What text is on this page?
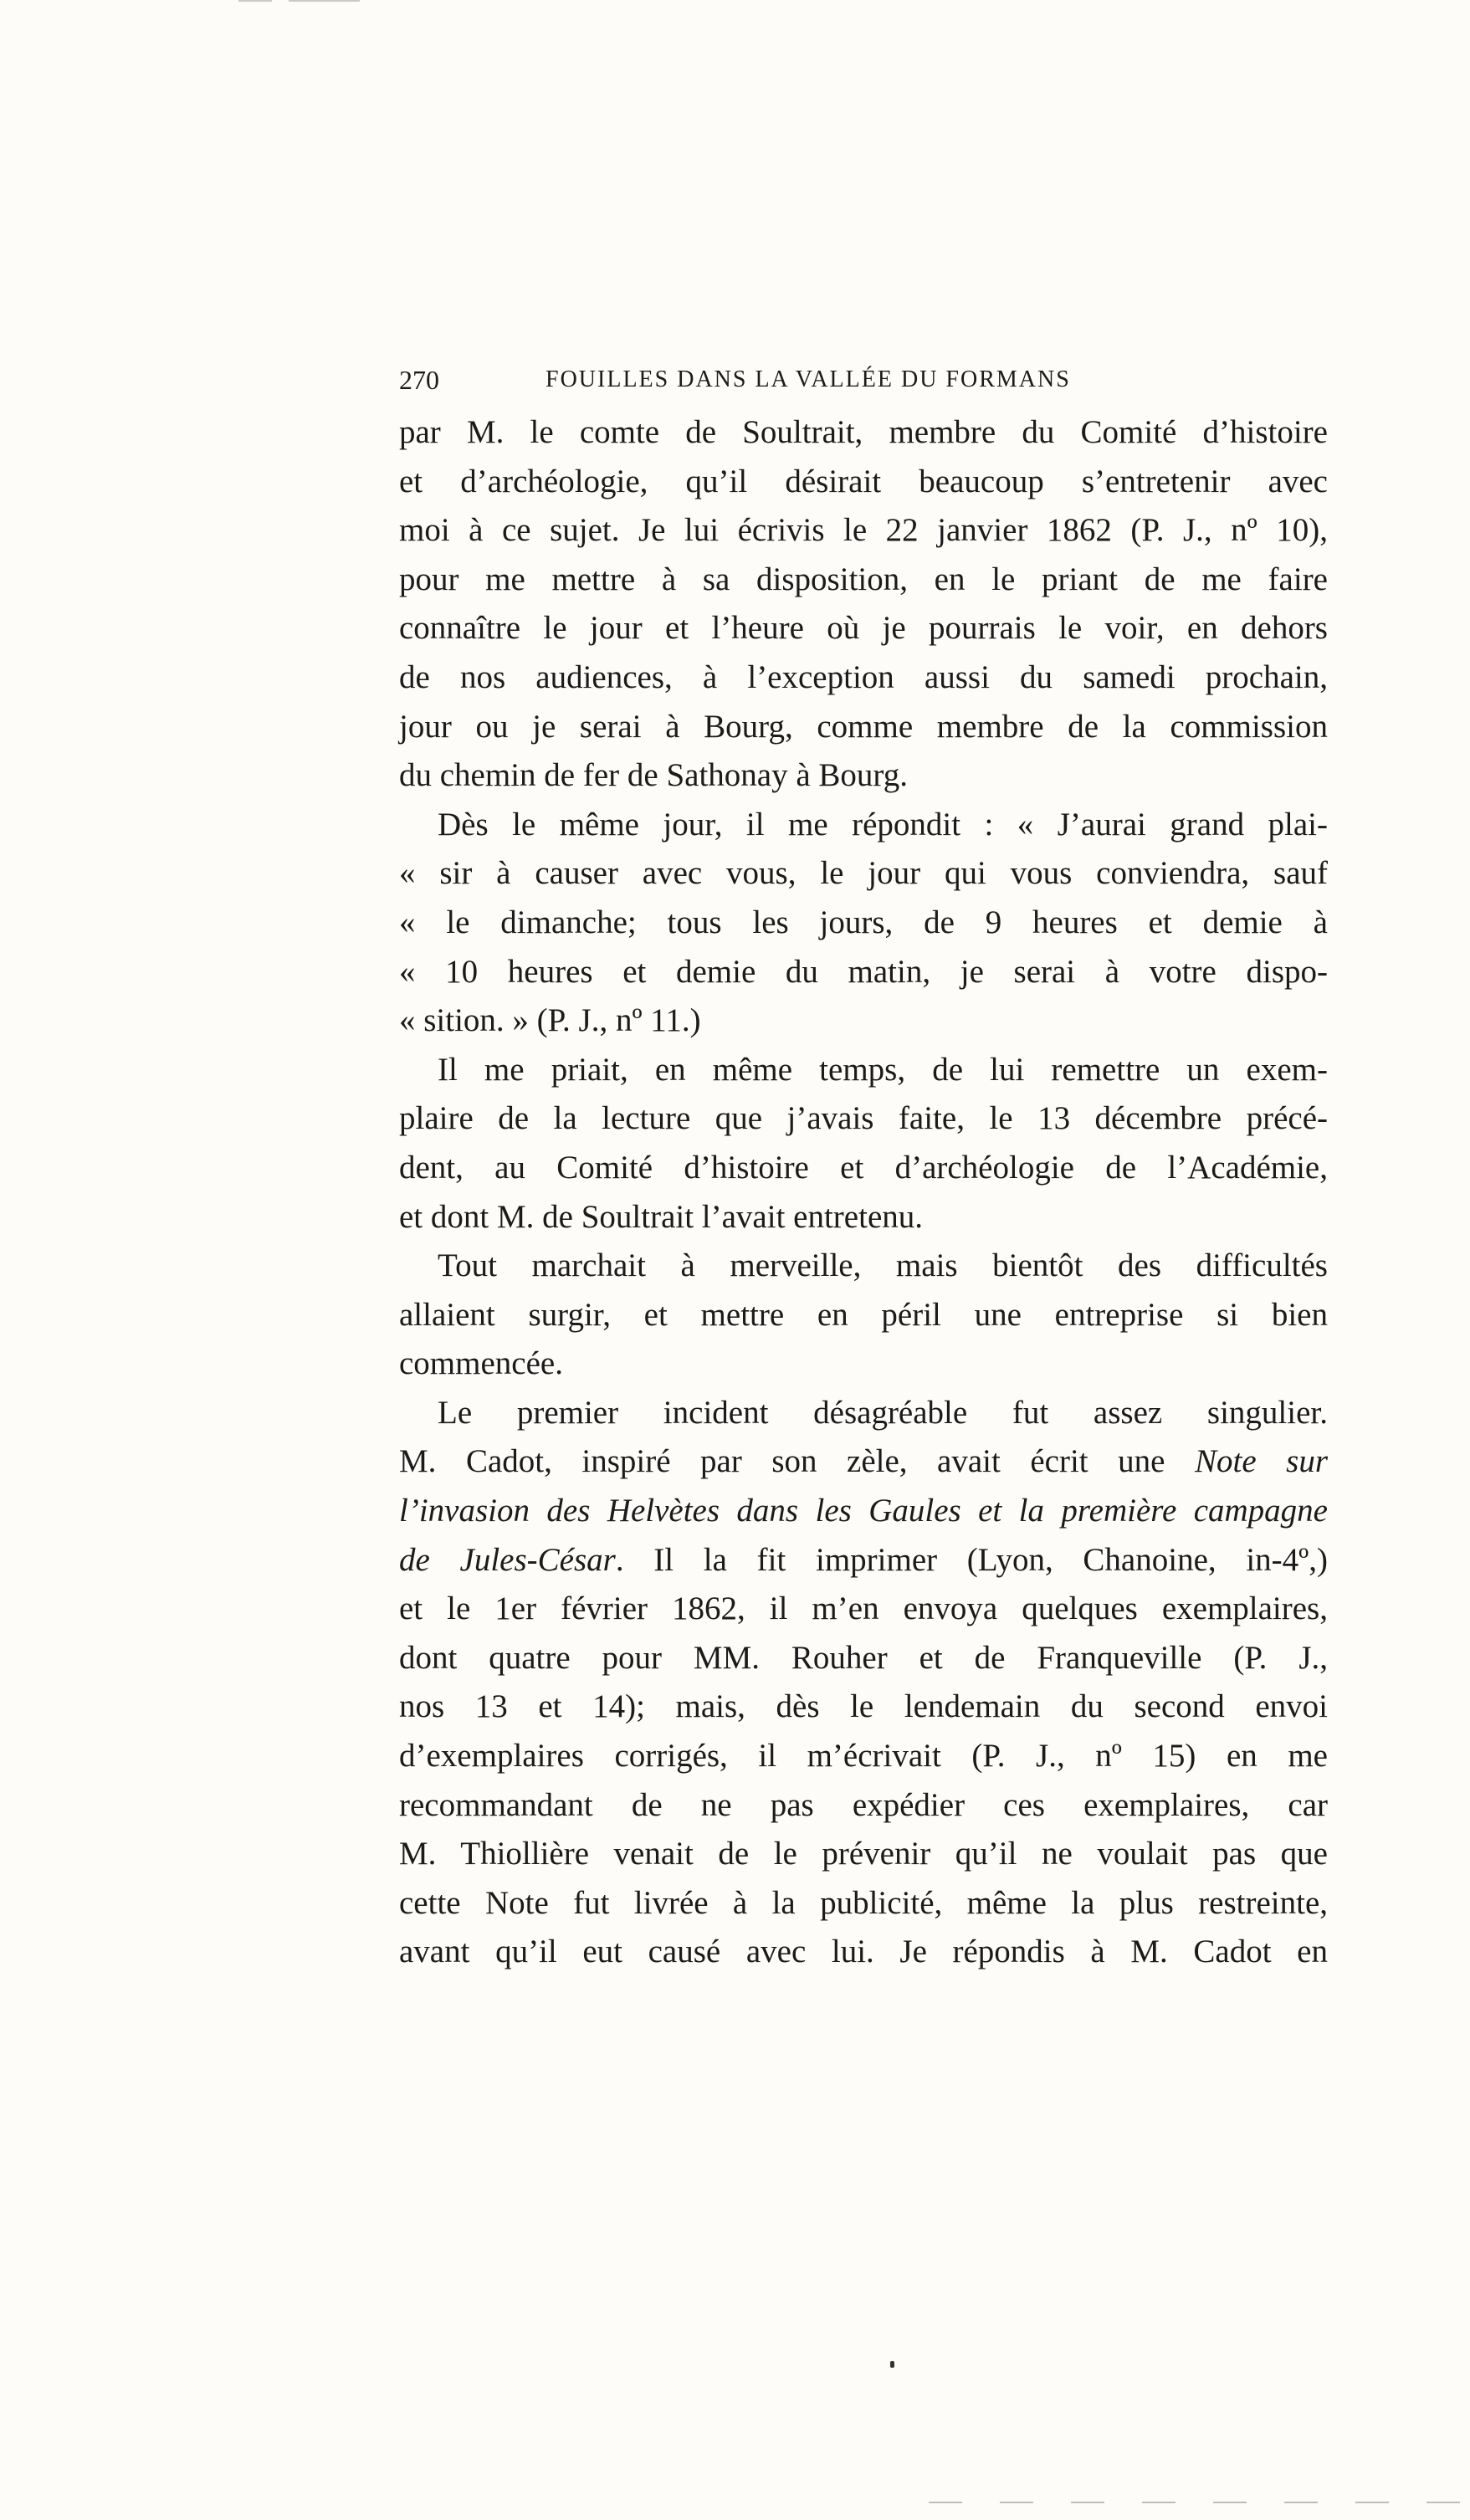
270	FOUILLES DANS LA VALLÉE DU FORMANS

par M. le comte de Soultrait, membre du Comité d’histoire
et d’archéologie, qu’il désirait beaucoup s’entretenir avec
moi à ce sujet. Je lui écrivis le 22 janvier 1862 (P. J., nº 10),
pour me mettre à sa disposition, en le priant de me faire
connaître le jour et l’heure où je pourrais le voir, en dehors
de nos audiences, à l’exception aussi du samedi prochain,
jour ou je serai à Bourg, comme membre de la commission
du chemin de fer de Sathonay à Bourg.

Dès le même jour, il me répondit : « J’aurai grand plai-
« sir à causer avec vous, le jour qui vous conviendra, sauf
« le dimanche; tous les jours, de 9 heures et demie à
« 10 heures et demie du matin, je serai à votre dispo-
« sition. » (P. J., nº 11.)

Il me priait, en même temps, de lui remettre un exem-
plaire de la lecture que j’avais faite, le 13 décembre précé-
dent, au Comité d’histoire et d’archéologie de l’Académie,
et dont M. de Soultrait l’avait entretenu.

Tout marchait à merveille, mais bientôt des difficultés
allaient surgir, et mettre en péril une entreprise si bien
commencée.

Le premier incident désagréable fut assez singulier.
M. Cadot, inspiré par son zèle, avait écrit une Note sur
l’invasion des Helvètes dans les Gaules et la première campagne
de Jules-César. Il la fit imprimer (Lyon, Chanoine, in-4º,)
et le 1er février 1862, il m’en envoya quelques exemplaires,
dont quatre pour MM. Rouher et de Franqueville (P. J.,
nos 13 et 14); mais, dès le lendemain du second envoi
d’exemplaires corrigés, il m’écrivait (P. J., nº 15) en me
recommandant de ne pas expédier ces exemplaires, car
M. Thiollière venait de le prévenir qu’il ne voulait pas que
cette Note fut livrée à la publicité, même la plus restreinte,
avant qu’il eut causé avec lui. Je répondis à M. Cadot en
